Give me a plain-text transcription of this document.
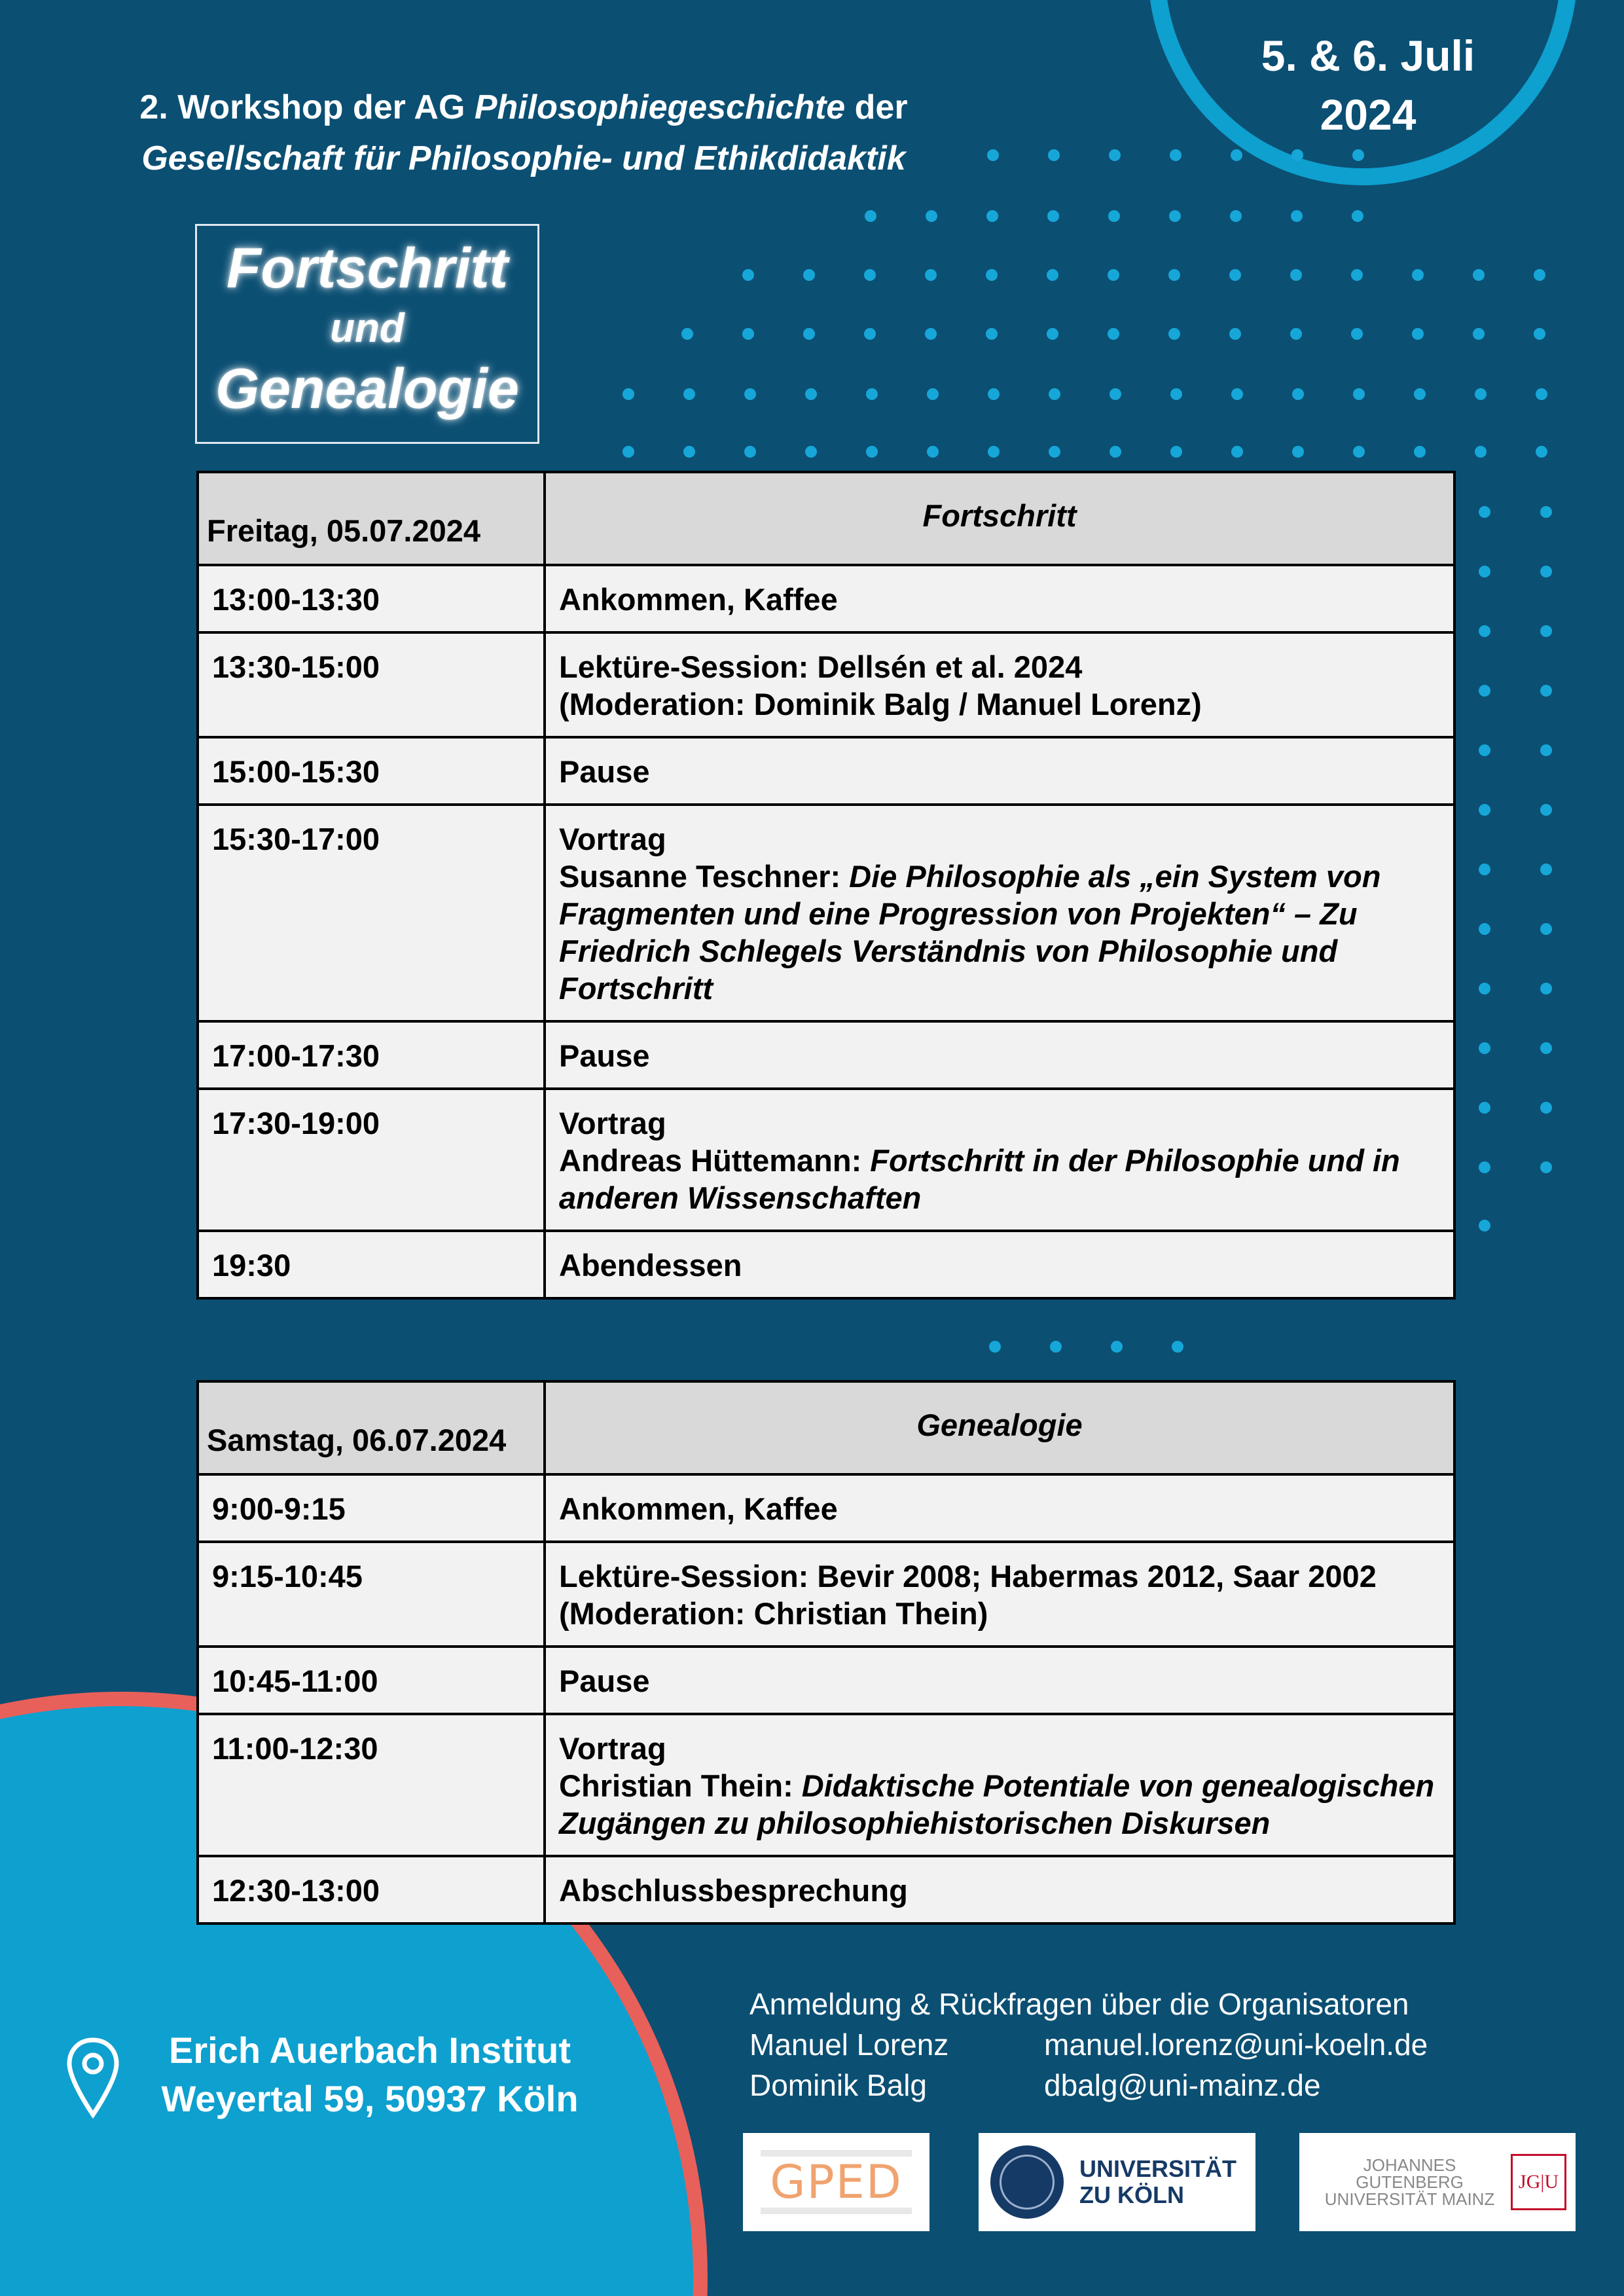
2. Workshop der AG Philosophiegeschichte der
Gesellschaft für Philosophie- und Ethikdidaktik
5. & 6. Juli
2024
Fortschritt
und
Genealogie
Freitag, 05.07.2024	Fortschritt
13:00-13:30	Ankommen, Kaffee

13:30-15:00	Lektüre-Session: Dellsén et al. 2024
(Moderation: Dominik Balg / Manuel Lorenz)

15:00-15:30	Pause

15:30-17:00	Vortrag
Susanne Teschner: Die Philosophie als „ein System von Fragmenten und eine Progression von Projekten“ – Zu Friedrich Schlegels Verständnis von Philosophie und Fortschritt

17:00-17:30	Pause

17:30-19:00	Vortrag
Andreas Hüttemann: Fortschritt in der Philosophie und in anderen Wissenschaften

19:30	Abendessen
Samstag, 06.07.2024	Genealogie
9:00-9:15	Ankommen, Kaffee

9:15-10:45	Lektüre-Session: Bevir 2008; Habermas 2012, Saar 2002
(Moderation: Christian Thein)

10:45-11:00	Pause

11:00-12:30	Vortrag
Christian Thein: Didaktische Potentiale von genealogischen Zugängen zu philosophiehistorischen Diskursen

12:30-13:00	Abschlussbesprechung
Erich Auerbach Institut
Weyertal 59, 50937 Köln
Anmeldung & Rückfragen über die Organisatoren
Manuel Lorenz	manuel.lorenz@uni-koeln.de
Dominik Balg	dbalg@uni-mainz.de
GPED	UNIVERSITÄT
ZU KÖLN
JOHANNES GUTENBERG
UNIVERSITÄT MAINZ
JG|U
